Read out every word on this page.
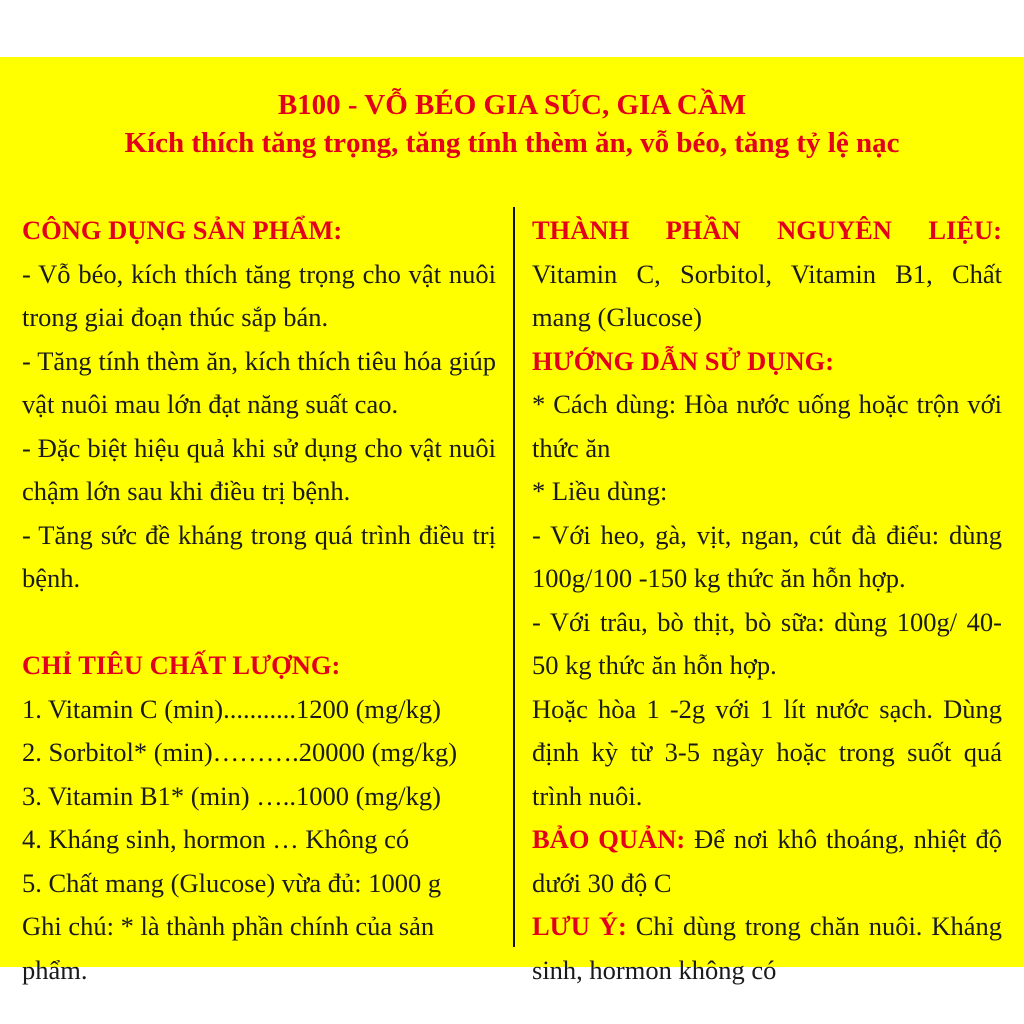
B100 - VỖ BÉO GIA SÚC, GIA CẦM
Kích thích tăng trọng, tăng tính thèm ăn, vỗ béo, tăng tỷ lệ nạc

CÔNG DỤNG SẢN PHẨM:

- Vỗ béo, kích thích tăng trọng cho vật nuôi trong giai đoạn thúc sắp bán.

- Tăng tính thèm ăn, kích thích tiêu hóa giúp vật nuôi mau lớn đạt năng suất cao.

- Đặc biệt hiệu quả khi sử dụng cho vật nuôi chậm lớn sau khi điều trị bệnh.

- Tăng sức đề kháng trong quá trình điều trị bệnh.

CHỈ TIÊU CHẤT LƯỢNG:

1. Vitamin C (min)...........1200 (mg/kg)

2. Sorbitol* (min)……….20000 (mg/kg)

3. Vitamin B1* (min) …..1000 (mg/kg)

4. Kháng sinh, hormon … Không có

5. Chất mang (Glucose) vừa đủ: 1000 g

Ghi chú: * là thành phần chính của sản phẩm.

THÀNH PHẦN NGUYÊN LIỆU: Vitamin C, Sorbitol, Vitamin B1, Chất mang (Glucose)

HƯỚNG DẪN SỬ DỤNG:

* Cách dùng: Hòa nước uống hoặc trộn với thức ăn

* Liều dùng:

- Với heo, gà, vịt, ngan, cút đà điểu: dùng 100g/100 -150 kg thức ăn hỗn hợp.

- Với trâu, bò thịt, bò sữa: dùng 100g/ 40- 50 kg thức ăn hỗn hợp.

Hoặc hòa 1 -2g với 1 lít nước sạch. Dùng định kỳ từ 3-5 ngày hoặc trong suốt quá trình nuôi.

BẢO QUẢN: Để nơi khô thoáng, nhiệt độ dưới 30 độ C

LƯU Ý: Chỉ dùng trong chăn nuôi. Kháng sinh, hormon không có
